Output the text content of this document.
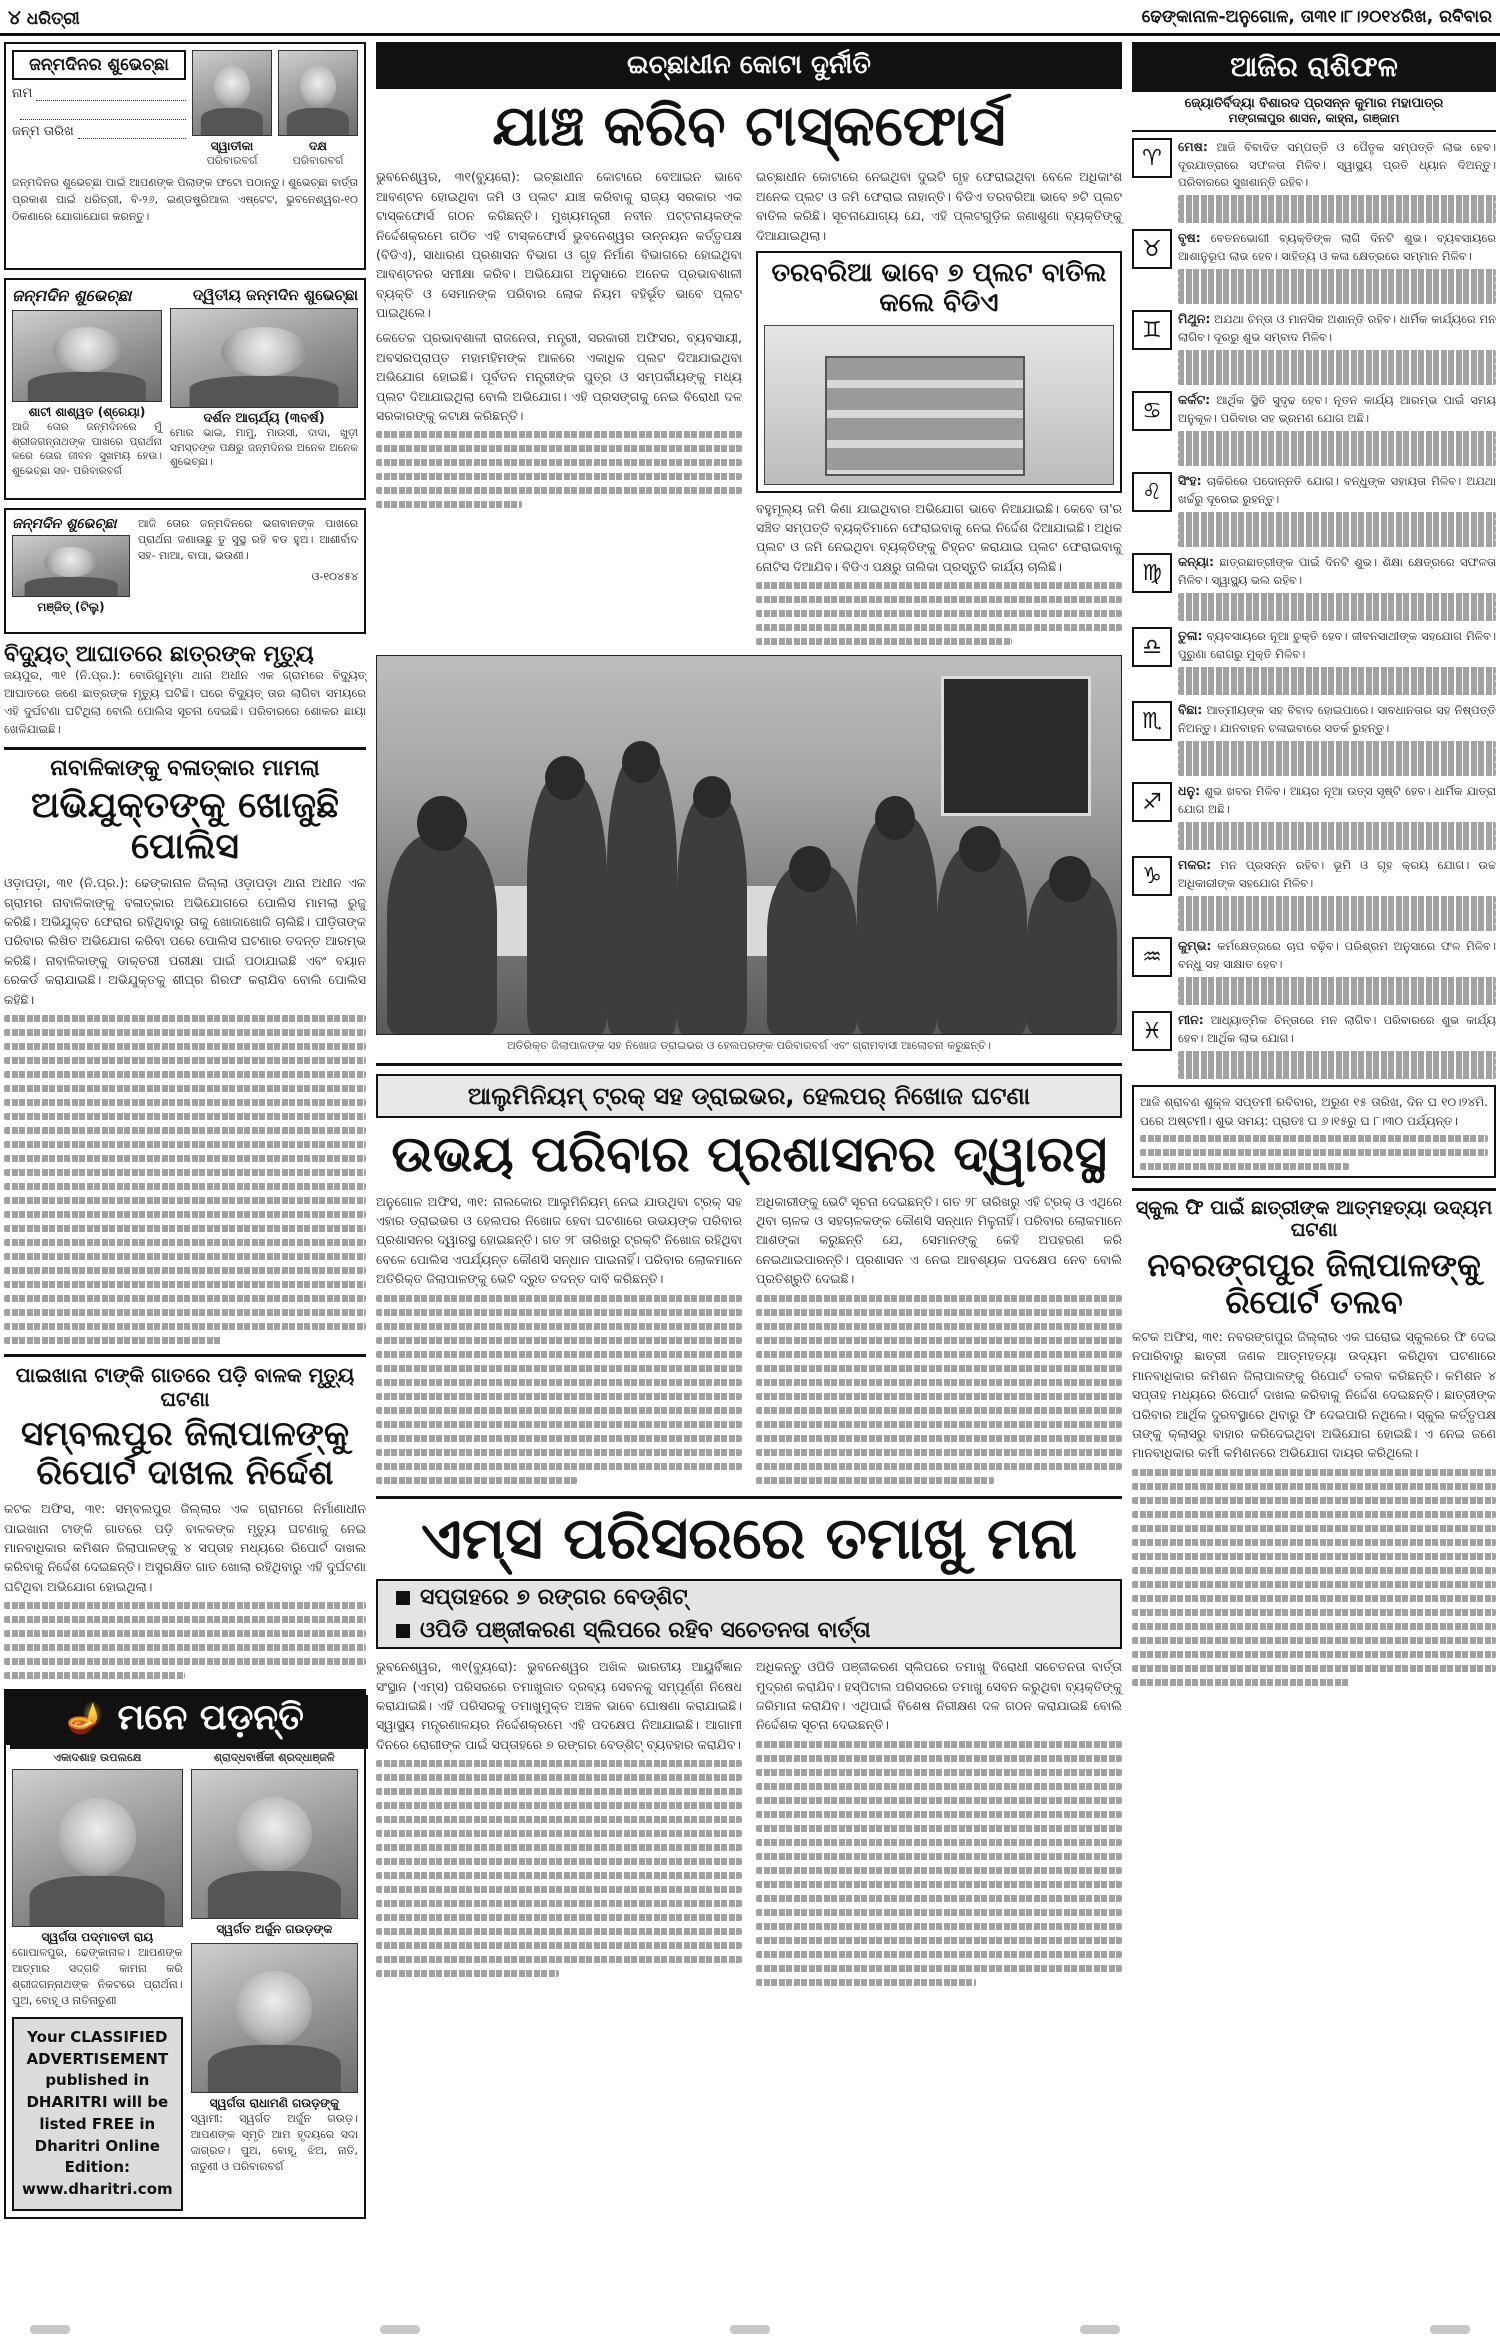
୪ ଧରିତ୍ରୀ	ଢେଙ୍କାନାଳ-ଅନୁଗୋଳ, ତା୩୧।୮।୨୦୧୪ରିଖ, ରବିବାର
ଜନ୍ମଦିନର ଶୁଭେଚ୍ଛା
ନାମ

ଜନ୍ମ ତାରିଖ
ସ୍ୱାତୀକା
ପରିବାରବର୍ଗ
ଦକ୍ଷ
ପରିବାରବର୍ଗ
ଜନ୍ମଦିନର ଶୁଭେଚ୍ଛା ପାଇଁ ଆପଣଙ୍କ ପିଲାଙ୍କ ଫଟୋ ପଠାନ୍ତୁ। ଶୁଭେଚ୍ଛା ବାର୍ତ୍ତା ପ୍ରକାଶ ପାଇଁ ଧରିତ୍ରୀ, ବି-୨୬, ଇଣ୍ଡଷ୍ଟ୍ରିଆଲ ଏଷ୍ଟେଟ, ଭୁବନେଶ୍ୱର-୧୦ ଠିକଣାରେ ଯୋଗାଯୋଗ କରନ୍ତୁ।
ଜନ୍ମଦିନ ଶୁଭେଚ୍ଛା
ଶାଟୀ ଶାଶ୍ୱତ (ଶ୍ରେୟା)
ଆଜି ତୋର ଜନ୍ମଦିନରେ ମୁଁ ଶ୍ରୀଜଗନ୍ନାଥଙ୍କ ପାଖରେ ପ୍ରାର୍ଥନା କରେ ତୋର ଜୀବନ ସୁଖମୟ ହେଉ। ଶୁଭେଚ୍ଛା ସହ- ପରିବାରବର୍ଗ
ଦ୍ୱିତୀୟ ଜନ୍ମଦିନ ଶୁଭେଚ୍ଛା
ଦର୍ଶନ ଆଚାର୍ଯ୍ୟ (୩ବର୍ଷ)
ମୋର ଭାଇ, ମାମୁ, ମାଉସୀ, ଦାଦା, ଖୁଡ଼ୀ ସମସ୍ତଙ୍କ ପକ୍ଷରୁ ଜନ୍ମଦିନର ଅନେକ ଅନେକ ଶୁଭେଚ୍ଛା।
ଜନ୍ମଦିନ ଶୁଭେଚ୍ଛା
ମଞ୍ଜିତ୍ (ଟିଲୁ)
ଆଜି ତୋର ଜନ୍ମଦିନରେ ଭଗବାନଙ୍କ ପାଖରେ ପ୍ରାର୍ଥନା ଜଣାଉଛୁ ତୁ ସୁସ୍ଥ ରହି ବଡ ହୁଅ। ଆଶୀର୍ବାଦ ସହ- ମାଆ, ବାପା, ଭଉଣୀ।
ଓ-୧୦୪୫୪
ବିଦ୍ୟୁତ୍ ଆଘାତରେ ଛାତ୍ରଙ୍କ ମୃତ୍ୟୁ
ଜୟପୁର, ୩୧ (ନି.ପ୍ର.): ବୋରିଗୁମ୍ମା ଥାନା ଅଧୀନ ଏକ ଗ୍ରାମରେ ବିଦ୍ୟୁତ୍ ଆଘାତରେ ଜଣେ ଛାତ୍ରଙ୍କ ମୃତ୍ୟୁ ଘଟିଛି। ଘରେ ବିଦ୍ୟୁତ୍ ତାର ଲାଗିବା ସମୟରେ ଏହି ଦୁର୍ଘଟଣା ଘଟିଥିଲା ବୋଲି ପୋଲିସ ସୂଚନା ଦେଇଛି। ପରିବାରରେ ଶୋକର ଛାୟା ଖେଳିଯାଇଛି।
ନାବାଳିକାଙ୍କୁ ବଳାତ୍କାର ମାମଲା
ଅଭିଯୁକ୍ତଙ୍କୁ ଖୋଜୁଛି ପୋଲିସ
ଓଡ଼ାପଡ଼ା, ୩୧ (ନି.ପ୍ର.): ଢେଙ୍କାନାଳ ଜିଲ୍ଲା ଓଡ଼ାପଡ଼ା ଥାନା ଅଧୀନ ଏକ ଗ୍ରାମର ନାବାଳିକାଙ୍କୁ ବଳାତ୍କାର ଅଭିଯୋଗରେ ପୋଲିସ ମାମଲା ରୁଜୁ କରିଛି। ଅଭିଯୁକ୍ତ ଫେରାର ରହିଥିବାରୁ ତାକୁ ଖୋଜାଖୋଜି ଚାଲିଛି। ପୀଡ଼ିତାଙ୍କ ପରିବାର ଲିଖିତ ଅଭିଯୋଗ କରିବା ପରେ ପୋଲିସ ଘଟଣାର ତଦନ୍ତ ଆରମ୍ଭ କରିଛି। ନାବାଳିକାଙ୍କୁ ଡାକ୍ତରୀ ପରୀକ୍ଷା ପାଇଁ ପଠାଯାଇଛି ଏବଂ ବୟାନ ରେକର୍ଡ କରାଯାଇଛି। ଅଭିଯୁକ୍ତକୁ ଶୀଘ୍ର ଗିରଫ କରାଯିବ ବୋଲି ପୋଲିସ କହିଛି।
ପାଇଖାନା ଟାଙ୍କି ଗାତରେ ପଡ଼ି ବାଳକ ମୃତ୍ୟୁ ଘଟଣା
ସମ୍ବଲପୁର ଜିଲାପାଳଙ୍କୁ ରିପୋର୍ଟ ଦାଖଲ ନିର୍ଦ୍ଦେଶ
କଟକ ଅଫିସ, ୩୧: ସମ୍ବଲପୁର ଜିଲ୍ଲାର ଏକ ଗ୍ରାମରେ ନିର୍ମାଣାଧୀନ ପାଇଖାନା ଟାଙ୍କି ଗାତରେ ପଡ଼ି ବାଳକଙ୍କ ମୃତ୍ୟୁ ଘଟଣାକୁ ନେଇ ମାନବାଧିକାର କମିଶନ ଜିଲାପାଳଙ୍କୁ ୪ ସପ୍ତାହ ମଧ୍ୟରେ ରିପୋର୍ଟ ଦାଖଲ କରିବାକୁ ନିର୍ଦ୍ଦେଶ ଦେଇଛନ୍ତି। ଅସୁରକ୍ଷିତ ଗାତ ଖୋଲା ରହିଥିବାରୁ ଏହି ଦୁର୍ଘଟଣା ଘଟିଥିବା ଅଭିଯୋଗ ହୋଇଥିଲା।
🪔 ମନେ ପଡ଼ନ୍ତି
ଏକାଦଶାହ ଉପଲକ୍ଷେ
ସ୍ୱର୍ଗତା ପଦ୍ମାବତୀ ରାୟ
ଗୋପାଳପୁର, ଢେଙ୍କାନାଳ। ଆପଣଙ୍କ ଆତ୍ମାର ସଦ୍‌ଗତି କାମନା କରି ଶ୍ରୀଜଗନ୍ନାଥଙ୍କ ନିକଟରେ ପ୍ରାର୍ଥନା। ପୁଅ, ବୋହୂ ଓ ନାତିନାତୁଣୀ
Your CLASSIFIED ADVERTISEMENT published in DHARITRI will be listed FREE in Dharitri Online Edition: www.dharitri.com
ଶ୍ରାଦ୍ଧବାର୍ଷିକୀ ଶ୍ରଦ୍ଧାଞ୍ଜଳି
ସ୍ୱର୍ଗତ ଅର୍ଜୁନ ଗଉଡ଼ଙ୍କ
ସ୍ୱର୍ଗତା ରାଧାମଣି ଗଉଡ଼ଙ୍କୁ
ସ୍ୱାମୀ: ସ୍ୱର୍ଗତ ଅର୍ଜୁନ ଗଉଡ଼। ଆପଣଙ୍କ ସ୍ମୃତି ଆମ ହୃଦୟରେ ସଦା ଜାଗ୍ରତ। ପୁଅ, ବୋହୂ, ଝିଅ, ନାତି, ନାତୁଣୀ ଓ ପରିବାରବର୍ଗ
ଇଚ୍ଛାଧୀନ କୋଟା ଦୁର୍ନୀତି
ଯାଞ୍ଚ କରିବ ଟାସ୍କଫୋର୍ସ
ଭୁବନେଶ୍ୱର, ୩୧(ବ୍ୟୁରୋ): ଇଚ୍ଛାଧୀନ କୋଟାରେ ବେଆଇନ ଭାବେ ଆବଣ୍ଟନ ହୋଇଥିବା ଜମି ଓ ପ୍ଲଟ ଯାଞ୍ଚ କରିବାକୁ ରାଜ୍ୟ ସରକାର ଏକ ଟାସ୍କଫୋର୍ସ ଗଠନ କରିଛନ୍ତି। ମୁଖ୍ୟମନ୍ତ୍ରୀ ନବୀନ ପଟ୍ଟନାୟକଙ୍କ ନିର୍ଦ୍ଦେଶକ୍ରମେ ଗଠିତ ଏହି ଟାସ୍କଫୋର୍ସ ଭୁବନେଶ୍ୱର ଉନ୍ନୟନ କର୍ତ୍ତୃପକ୍ଷ (ବିଡିଏ), ସାଧାରଣ ପ୍ରଶାସନ ବିଭାଗ ଓ ଗୃହ ନିର୍ମାଣ ବିଭାଗରେ ହୋଇଥିବା ଆବଣ୍ଟନର ସମୀକ୍ଷା କରିବ। ଅଭିଯୋଗ ଅନୁସାରେ ଅନେକ ପ୍ରଭାବଶାଳୀ ବ୍ୟକ୍ତି ଓ ସେମାନଙ୍କ ପରିବାର ଲୋକ ନିୟମ ବହିର୍ଭୂତ ଭାବେ ପ୍ଲଟ ପାଇଥିଲେ।
କେତେକ ପ୍ରଭାବଶାଳୀ ରାଜନେତା, ମନ୍ତ୍ରୀ, ସରକାରୀ ଅଫିସର, ବ୍ୟବସାୟୀ, ଅବସରପ୍ରାପ୍ତ ମହାମହିମଙ୍କ ଆଳରେ ଏକାଧିକ ପ୍ଲଟ ଦିଆଯାଇଥିବା ଅଭିଯୋଗ ହୋଇଛି। ପୂର୍ବତନ ମନ୍ତ୍ରୀଙ୍କ ପୁତ୍ର ଓ ସମ୍ପର୍କୀୟଙ୍କୁ ମଧ୍ୟ ପ୍ଲଟ ଦିଆଯାଇଥିଲା ବୋଲି ଅଭିଯୋଗ। ଏହି ପ୍ରସଙ୍ଗକୁ ନେଇ ବିରୋଧୀ ଦଳ ସରକାରଙ୍କୁ କଟାକ୍ଷ କରିଛନ୍ତି।
ଇଚ୍ଛାଧୀନ କୋଟାରେ ନେଇଥିବା ଦୁଇଟି ଗୃହ ଫେରାଇଥିବା ବେଳେ ଅଧିକାଂଶ ଅନେକ ପ୍ଲଟ ଓ ଜମି ଫେରାଇ ନାହାନ୍ତି। ବିଡିଏ ତରବରିଆ ଭାବେ ୭ଟି ପ୍ଲଟ ବାତିଲ କରିଛି। ସୂଚନାଯୋଗ୍ୟ ଯେ, ଏହି ପ୍ଲଟଗୁଡ଼ିକ ଜଣାଶୁଣା ବ୍ୟକ୍ତିଙ୍କୁ ଦିଆଯାଇଥିଲା।
ତରବରିଆ ଭାବେ ୭ ପ୍ଲଟ ବାତିଲ କଲେ ବିଡିଏ
ବହୁମୂଲ୍ୟ ଜମି କିଣା ଯାଇଥିବାର ଅଭିଯୋଗ ଭାବେ ନିଆଯାଇଛି। କେବେ ତା'ର ସଞ୍ଚିତ ସମ୍ପତ୍ତି ବ୍ୟକ୍ତିମାନେ ଫେରାଇବାକୁ ନେଇ ନିର୍ଦ୍ଦେଶ ଦିଆଯାଇଛି। ଅଧିକ ପ୍ଲଟ ଓ ଜମି ନେଇଥିବା ବ୍ୟକ୍ତିଙ୍କୁ ଚିହ୍ନଟ କରାଯାଇ ପ୍ଲଟ ଫେରାଇବାକୁ ନୋଟିସ ଦିଆଯିବ। ବିଡିଏ ପକ୍ଷରୁ ତାଲିକା ପ୍ରସ୍ତୁତି କାର୍ଯ୍ୟ ଚାଲିଛି।
ଅତିରିକ୍ତ ଜିଲାପାଳଙ୍କ ସହ ନିଖୋଜ ଡ୍ରାଇଭର ଓ ହେଲପରଙ୍କ ପରିବାରବର୍ଗ ଏବଂ ଗ୍ରାମବାସୀ ଆଲୋଚନା କରୁଛନ୍ତି।
ଆଲୁମିନିୟମ୍ ଟ୍ରକ୍ ସହ ଡ୍ରାଇଭର, ହେଲପର୍ ନିଖୋଜ ଘଟଣା
ଉଭୟ ପରିବାର ପ୍ରଶାସନର ଦ୍ୱାରସ୍ଥ
ଅନୁଗୋଳ ଅଫିସ, ୩୧: ନାଲକୋର ଆଲୁମିନିୟମ୍ ନେଇ ଯାଉଥିବା ଟ୍ରକ୍ ସହ ଏହାର ଡ୍ରାଇଭର ଓ ହେଲପର ନିଖୋଜ ହେବା ଘଟଣାରେ ଉଭୟଙ୍କ ପରିବାର ପ୍ରଶାସନର ଦ୍ୱାରସ୍ଥ ହୋଇଛନ୍ତି। ଗତ ୨୮ ତାରିଖରୁ ଟ୍ରକ୍‌ଟି ନିଖୋଜ ରହିଥିବା ବେଳେ ପୋଲିସ ଏପର୍ଯ୍ୟନ୍ତ କୌଣସି ସନ୍ଧାନ ପାଇନାହିଁ। ପରିବାର ଲୋକମାନେ ଅତିରିକ୍ତ ଜିଲାପାଳଙ୍କୁ ଭେଟି ଦ୍ରୁତ ତଦନ୍ତ ଦାବି କରିଛନ୍ତି।
ଅଧିକାରୀଙ୍କୁ ଭେଟି ସୂଚନା ଦେଇଛନ୍ତି। ଗତ ୨୮ ତାରିଖରୁ ଏହି ଟ୍ରକ୍ ଓ ଏଥିରେ ଥିବା ଚାଳକ ଓ ସହଚାଳକଙ୍କ କୌଣସି ସନ୍ଧାନ ମିଳୁନାହିଁ। ପରିବାର ଲୋକମାନେ ଆଶଙ୍କା କରୁଛନ୍ତି ଯେ, ସେମାନଙ୍କୁ କେହି ଅପହରଣ କରି ନେଇଥାଇପାରନ୍ତି। ପ୍ରଶାସନ ଏ ନେଇ ଆବଶ୍ୟକ ପଦକ୍ଷେପ ନେବ ବୋଲି ପ୍ରତିଶ୍ରୁତି ଦେଇଛି।
ଏମ୍‌ସ ପରିସରରେ ତମାଖୁ ମନା
ସପ୍ତାହରେ ୭ ରଙ୍ଗର ବେଡ୍‌ଶିଟ୍
ଓପିଡି ପଞ୍ଜୀକରଣ ସ୍ଲିପରେ ରହିବ ସଚେତନତା ବାର୍ତ୍ତା
ଭୁବନେଶ୍ୱର, ୩୧(ବ୍ୟୁରୋ): ଭୁବନେଶ୍ୱର ଅଖିଳ ଭାରତୀୟ ଆୟୁର୍ବିଜ୍ଞାନ ସଂସ୍ଥାନ (ଏମ୍‌ସ) ପରିସରରେ ତମାଖୁଜାତ ଦ୍ରବ୍ୟ ସେବନକୁ ସମ୍ପୂର୍ଣ୍ଣ ନିଷେଧ କରାଯାଇଛି। ଏହି ପରିସରକୁ ତମାଖୁମୁକ୍ତ ଅଞ୍ଚଳ ଭାବେ ଘୋଷଣା କରାଯାଇଛି। ସ୍ୱାସ୍ଥ୍ୟ ମନ୍ତ୍ରଣାଳୟର ନିର୍ଦ୍ଦେଶକ୍ରମେ ଏହି ପଦକ୍ଷେପ ନିଆଯାଇଛି। ଆଗାମୀ ଦିନରେ ରୋଗୀଙ୍କ ପାଇଁ ସପ୍ତାହରେ ୭ ରଙ୍ଗର ବେଡ୍‌ଶିଟ୍ ବ୍ୟବହାର କରାଯିବ।
ଅଧିକନ୍ତୁ ଓପିଡି ପଞ୍ଜୀକରଣ ସ୍ଲିପରେ ତମାଖୁ ବିରୋଧୀ ସଚେତନତା ବାର୍ତ୍ତା ମୁଦ୍ରଣ କରାଯିବ। ହସ୍ପିଟାଲ ପରିସରରେ ତମାଖୁ ସେବନ କରୁଥିବା ବ୍ୟକ୍ତିଙ୍କୁ ଜରିମାନା କରାଯିବ। ଏଥିପାଇଁ ବିଶେଷ ନିରୀକ୍ଷଣ ଦଳ ଗଠନ କରାଯାଇଛି ବୋଲି ନିର୍ଦ୍ଦେଶକ ସୂଚନା ଦେଇଛନ୍ତି।
ଆଜିର ରାଶିଫଳ
ଜ୍ୟୋତିର୍ବିଦ୍ୟା ବିଶାରଦ ପ୍ରସନ୍ନ କୁମାର ମହାପାତ୍ର
ମଙ୍ଗଳାପୁର ଶାସନ, କାହ୍ନା, ଗଞ୍ଜାମ
♈	ମେଷ: ଆଜି ବିବାଦିତ ସମ୍ପତ୍ତି ଓ ପୈତୃକ ସମ୍ପତ୍ତି ଲାଭ ହେବ। ଦୂରଯାତ୍ରାରେ ସଫଳତା ମିଳିବ। ସ୍ୱାସ୍ଥ୍ୟ ପ୍ରତି ଧ୍ୟାନ ଦିଅନ୍ତୁ। ପରିବାରରେ ସୁଖଶାନ୍ତି ରହିବ।
♉	ବୃଷ: ବେତନଭୋଗୀ ବ୍ୟକ୍ତିଙ୍କ ଲାଗି ଦିନଟି ଶୁଭ। ବ୍ୟବସାୟରେ ଆଶାନୁରୂପ ଲାଭ ହେବ। ସାହିତ୍ୟ ଓ କଳା କ୍ଷେତ୍ରରେ ସମ୍ମାନ ମିଳିବ।
♊	ମିଥୁନ: ଅଯଥା ଚିନ୍ତା ଓ ମାନସିକ ଅଶାନ୍ତି ରହିବ। ଧାର୍ମିକ କାର୍ଯ୍ୟରେ ମନ ଲାଗିବ। ଦୂରରୁ ଶୁଭ ସମ୍ବାଦ ମିଳିବ।
♋	କର୍କଟ: ଆର୍ଥିକ ସ୍ଥିତି ସୁଦୃଢ ହେବ। ନୂତନ କାର୍ଯ୍ୟ ଆରମ୍ଭ ପାଇଁ ସମୟ ଅନୁକୂଳ। ପରିବାର ସହ ଭ୍ରମଣ ଯୋଗ ଅଛି।
♌	ସିଂହ: ଚାକିରିରେ ପଦୋନ୍ନତି ଯୋଗ। ବନ୍ଧୁଙ୍କ ସହାୟତା ମିଳିବ। ଅଯଥା ଖର୍ଚ୍ଚରୁ ଦୂରେଇ ରୁହନ୍ତୁ।
♍	କନ୍ୟା: ଛାତ୍ରଛାତ୍ରୀଙ୍କ ପାଇଁ ଦିନଟି ଶୁଭ। ଶିକ୍ଷା କ୍ଷେତ୍ରରେ ସଫଳତା ମିଳିବ। ସ୍ୱାସ୍ଥ୍ୟ ଭଲ ରହିବ।
♎	ତୁଳା: ବ୍ୟବସାୟରେ ନୂଆ ଚୁକ୍ତି ହେବ। ଜୀବନସାଥୀଙ୍କ ସହଯୋଗ ମିଳିବ। ପୁରୁଣା ରୋଗରୁ ମୁକ୍ତି ମିଳିବ।
♏	ବିଛା: ଆତ୍ମୀୟଙ୍କ ସହ ବିବାଦ ହୋଇପାରେ। ସାବଧାନତାର ସହ ନିଷ୍ପତ୍ତି ନିଅନ୍ତୁ। ଯାନବାହନ ଚଳାଇବାରେ ସତର୍କ ରୁହନ୍ତୁ।
♐	ଧନୁ: ଶୁଭ ଖବର ମିଳିବ। ଆୟର ନୂଆ ଉତ୍ସ ସୃଷ୍ଟି ହେବ। ଧାର୍ମିକ ଯାତ୍ରା ଯୋଗ ଅଛି।
♑	ମକର: ମନ ପ୍ରସନ୍ନ ରହିବ। ଭୂମି ଓ ଗୃହ କ୍ରୟ ଯୋଗ। ଉଚ୍ଚ ଅଧିକାରୀଙ୍କ ସହଯୋଗ ମିଳିବ।
♒	କୁମ୍ଭ: କର୍ମକ୍ଷେତ୍ରରେ ଚାପ ବଢ଼ିବ। ପରିଶ୍ରମ ଅନୁସାରେ ଫଳ ମିଳିବ। ବନ୍ଧୁ ସହ ସାକ୍ଷାତ ହେବ।
♓	ମୀନ: ଆଧ୍ୟାତ୍ମିକ ଚିନ୍ତାରେ ମନ ଲାଗିବ। ପରିବାରରେ ଶୁଭ କାର୍ଯ୍ୟ ହେବ। ଆର୍ଥିକ ଲାଭ ଯୋଗ।
ଆଜି ଶ୍ରାବଣ ଶୁକ୍ଳ ସପ୍ତମୀ ରବିବାର, ଅରୁଣ ୧୫ ତାରିଖ, ଦିନ ଘ ୧୦।୨୪ମି. ପରେ ଅଷ୍ଟମୀ। ଶୁଭ ସମୟ: ପ୍ରାତଃ ଘ ୬।୧୫ରୁ ଘ ୮।୩୦ ପର୍ଯ୍ୟନ୍ତ।
ସ୍କୁଲ ଫି ପାଇଁ ଛାତ୍ରୀଙ୍କ ଆତ୍ମହତ୍ୟା ଉଦ୍ୟମ ଘଟଣା
ନବରଙ୍ଗପୁର ଜିଲାପାଳଙ୍କୁ ରିପୋର୍ଟ ତଲବ
କଟକ ଅଫିସ, ୩୧: ନବରଙ୍ଗପୁର ଜିଲ୍ଲାର ଏକ ଘରୋଇ ସ୍କୁଲରେ ଫି ଦେଇ ନପାରିବାରୁ ଛାତ୍ରୀ ଜଣକ ଆତ୍ମହତ୍ୟା ଉଦ୍ୟମ କରିଥିବା ଘଟଣାରେ ମାନବାଧିକାର କମିଶନ ଜିଲାପାଳଙ୍କୁ ରିପୋର୍ଟ ତଲବ କରିଛନ୍ତି। କମିଶନ ୪ ସପ୍ତାହ ମଧ୍ୟରେ ରିପୋର୍ଟ ଦାଖଲ କରିବାକୁ ନିର୍ଦ୍ଦେଶ ଦେଇଛନ୍ତି। ଛାତ୍ରୀଙ୍କ ପରିବାର ଆର୍ଥିକ ଦୁରବସ୍ଥାରେ ଥିବାରୁ ଫି ଦେଇପାରି ନଥିଲେ। ସ୍କୁଲ କର୍ତ୍ତୃପକ୍ଷ ତାଙ୍କୁ କ୍ଲାସରୁ ବାହାର କରିଦେଇଥିବା ଅଭିଯୋଗ ହୋଇଛି। ଏ ନେଇ ଜଣେ ମାନବାଧିକାର କର୍ମୀ କମିଶନରେ ଅଭିଯୋଗ ଦାୟର କରିଥିଲେ।
